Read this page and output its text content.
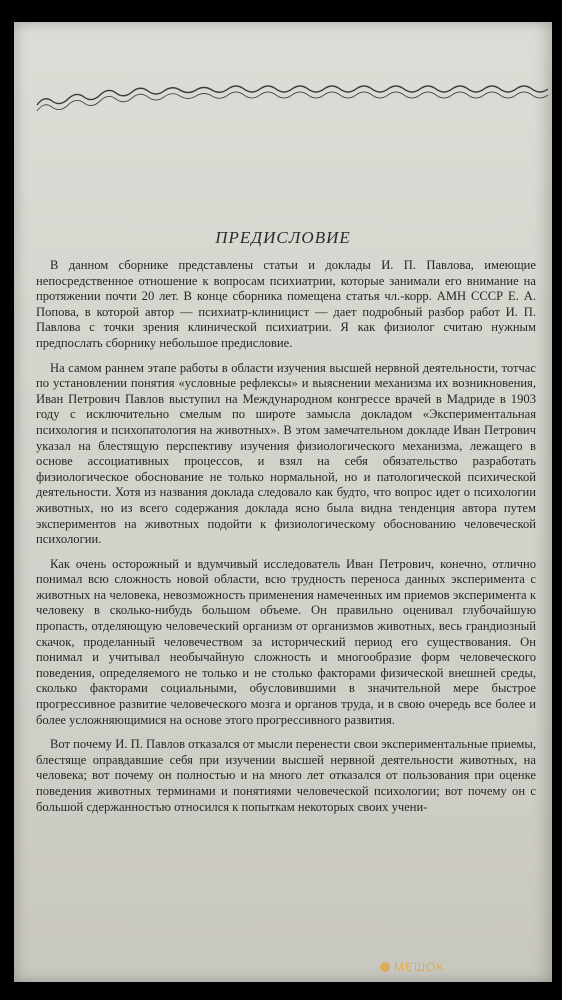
ПРЕДИСЛОВИЕ

В данном сборнике представлены статьи и доклады И. П. Павлова, имеющие непосредственное отношение к вопросам психиатрии, которые занимали его внимание на протяжении почти 20 лет. В конце сборника помещена статья чл.-корр. АМН СССР Е. А. Попова, в которой автор — психиатр-клиницист — дает подробный разбор работ И. П. Павлова с точки зрения клинической психиатрии. Я как физиолог считаю нужным предпослать сборнику небольшое предисловие.

На самом раннем этапе работы в области изучения высшей нервной деятельности, тотчас по установлении понятия «условные рефлексы» и выяснении механизма их возникновения, Иван Петрович Павлов выступил на Международном конгрессе врачей в Мадриде в 1903 году с исключительно смелым по широте замысла докладом «Экспериментальная психология и психопатология на животных». В этом замечательном докладе Иван Петрович указал на блестящую перспективу изучения физиологического механизма, лежащего в основе ассоциативных процессов, и взял на себя обязательство разработать физиологическое обоснование не только нормальной, но и патологической психической деятельности. Хотя из названия доклада следовало как будто, что вопрос идет о психологии животных, но из всего содержания доклада ясно была видна тенденция автора путем экспериментов на животных подойти к физиологическому обоснованию человеческой психологии.

Как очень осторожный и вдумчивый исследователь Иван Петрович, конечно, отлично понимал всю сложность новой области, всю трудность переноса данных эксперимента с животных на человека, невозможность применения намеченных им приемов эксперимента к человеку в сколько-нибудь большом объеме. Он правильно оценивал глубочайшую пропасть, отделяющую человеческий организм от организмов животных, весь грандиозный скачок, проделанный человечеством за исторический период его существования. Он понимал и учитывал необычайную сложность и многообразие форм человеческого поведения, определяемого не только и не столько факторами физической внешней среды, сколько факторами социальными, обусловившими в значительной мере быстрое прогрессивное развитие человеческого мозга и органов труда, и в свою очередь все более и более усложняющимися на основе этого прогрессивного развития.

Вот почему И. П. Павлов отказался от мысли перенести свои экспериментальные приемы, блестяще оправдавшие себя при изучении высшей нервной деятельности животных, на человека; вот почему он полностью и на много лет отказался от пользования при оценке поведения животных терминами и понятиями человеческой психологии; вот почему он с большой сдержанностью относился к попыткам некоторых своих учени-

МЕШОК
